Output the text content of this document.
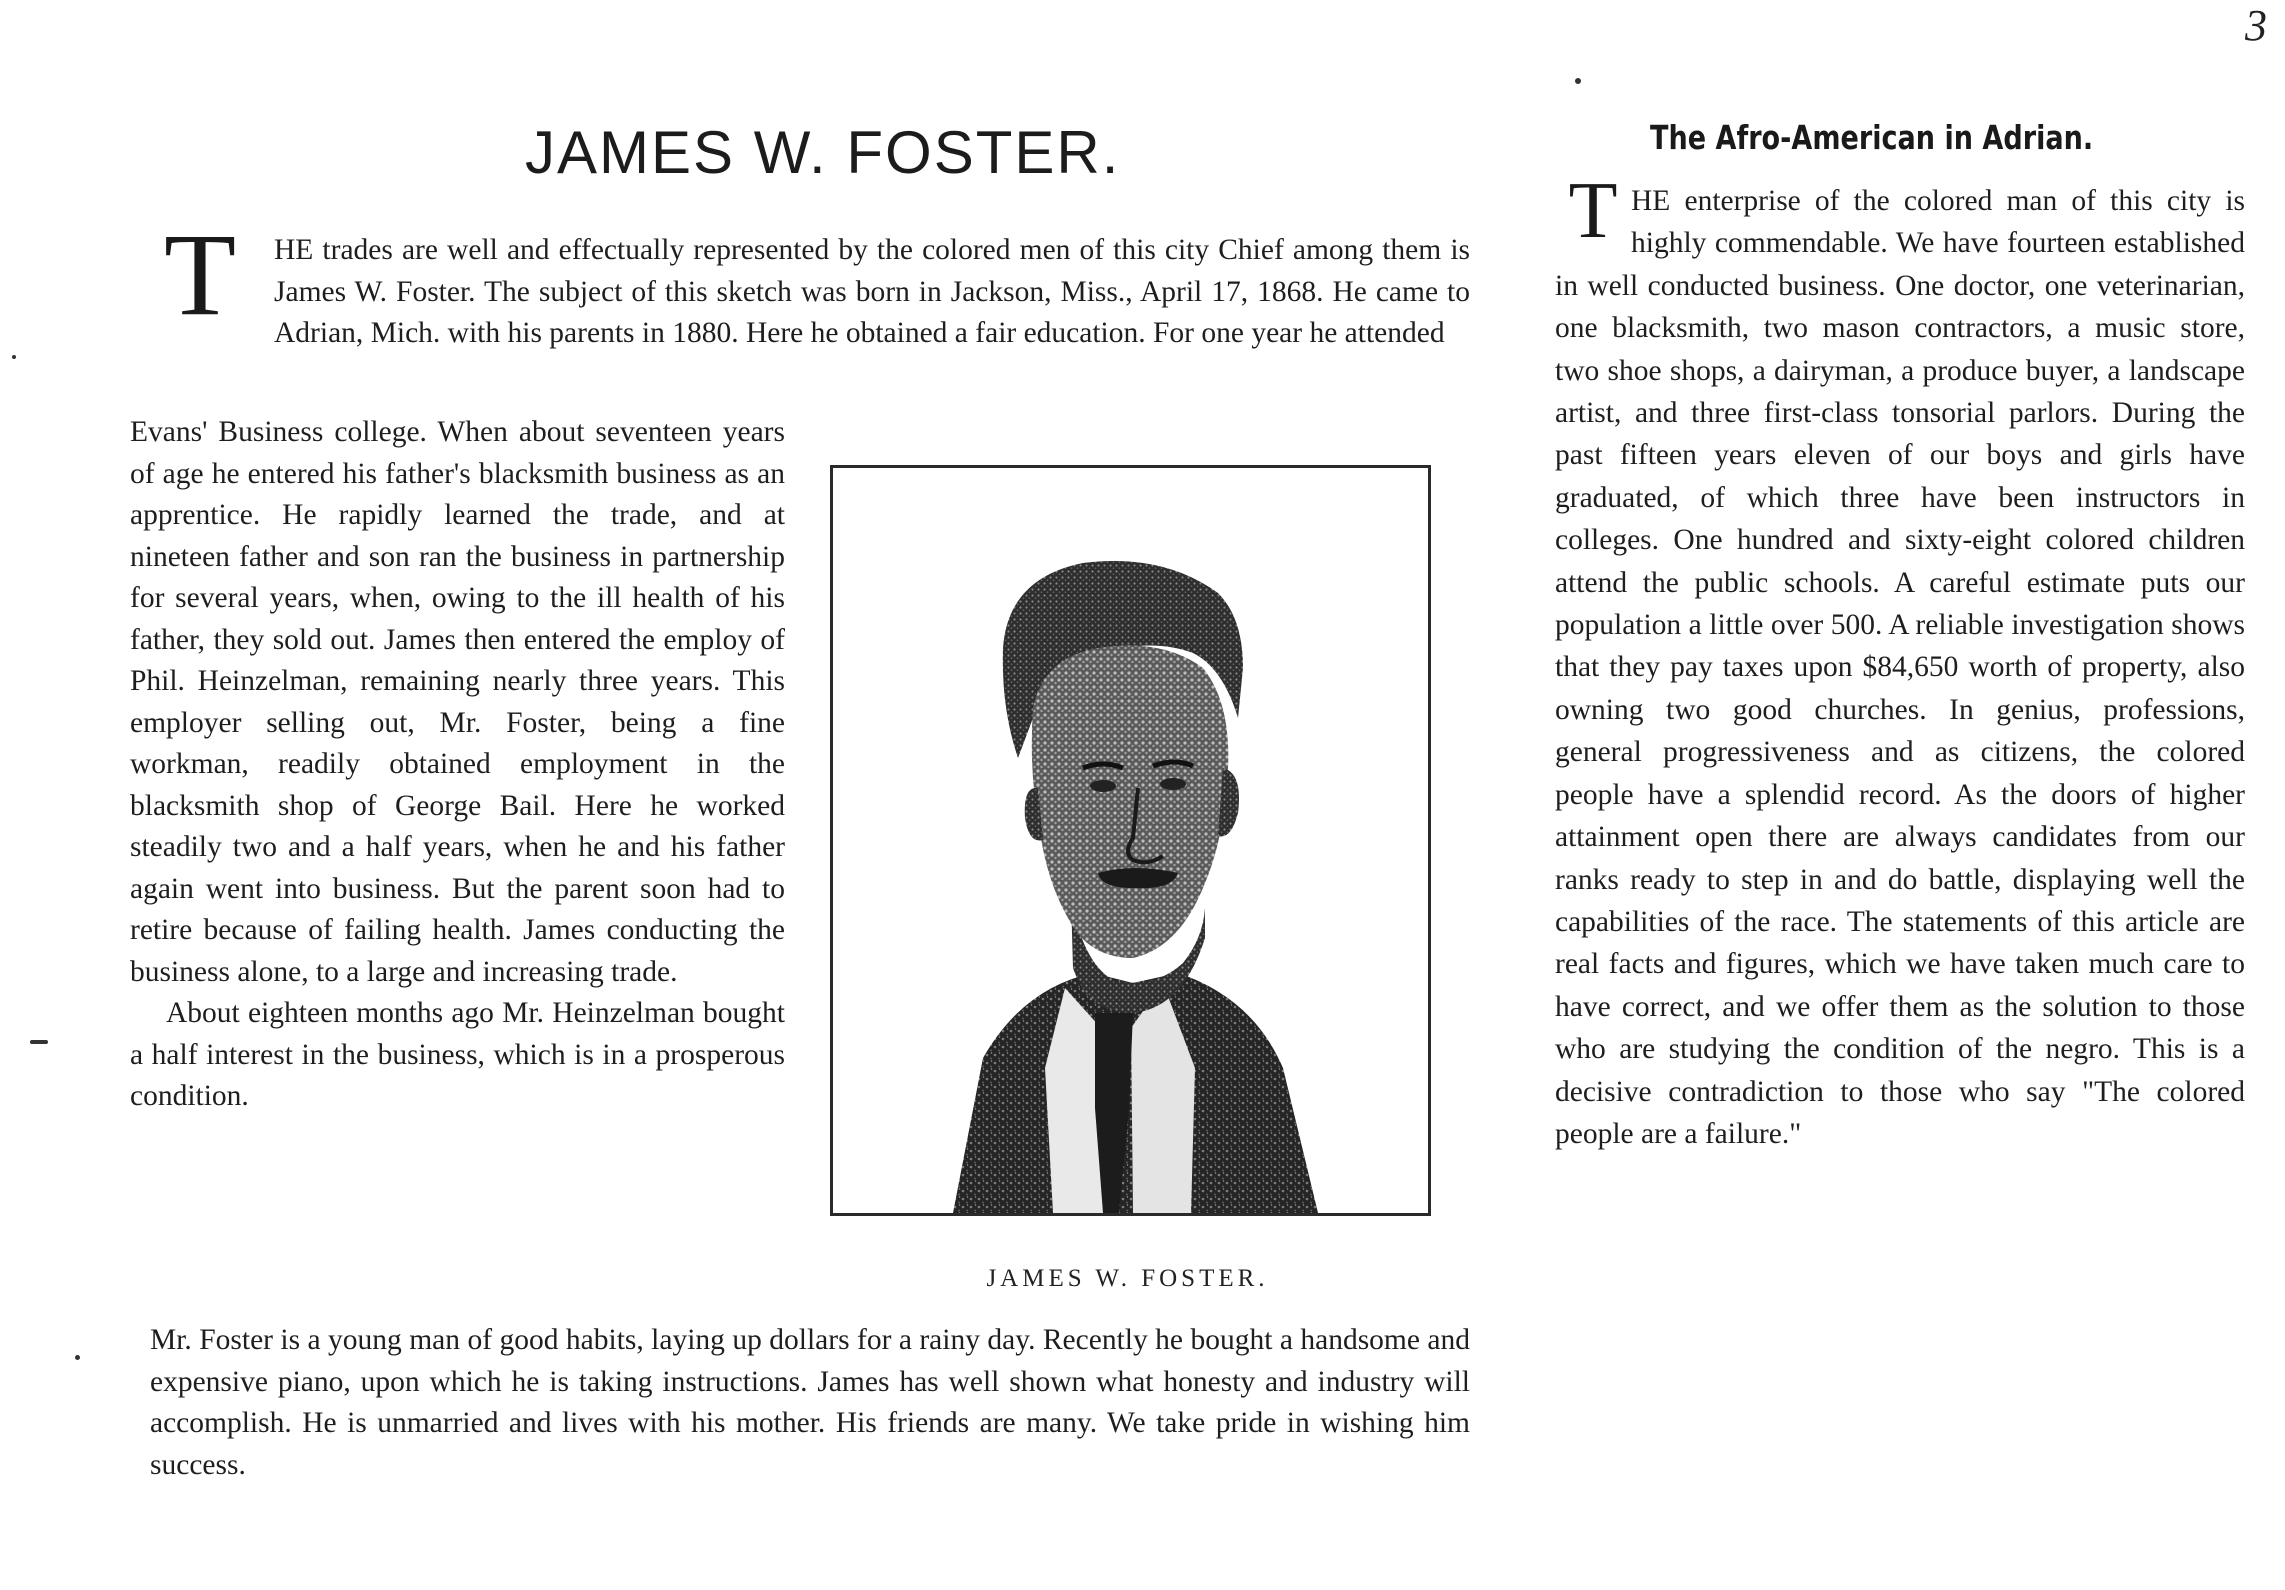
3
JAMES W. FOSTER.
T	HE trades are well and effectually represented by the colored men of this city Chief among them is James W. Foster. The subject of this sketch was born in Jackson, Miss., April 17, 1868. He came to Adrian, Mich. with his parents in 1880. Here he obtained a fair education. For one year he attended

Evans' Business college. When about seventeen years of age he entered his father's blacksmith business as an apprentice. He rapidly learned the trade, and at nineteen father and son ran the business in partnership for several years, when, owing to the ill health of his father, they sold out. James then entered the employ of Phil. Heinzelman, remaining nearly three years. This employer selling out, Mr. Foster, being a fine workman, readily obtained employment in the blacksmith shop of George Bail. Here he worked steadily two and a half years, when he and his father again went into business. But the parent soon had to retire because of failing health. James conducting the business alone, to a large and increasing trade.

About eighteen months ago Mr. Heinzelman bought a half interest in the business, which is in a prosperous condition.

JAMES W. FOSTER.

Mr. Foster is a young man of good habits, laying up dollars for a rainy day. Recently he bought a handsome and expensive piano, upon which he is taking instructions. James has well shown what honesty and industry will accomplish. He is unmarried and lives with his mother. His friends are many. We take pride in wishing him success.

The Afro-American in Adrian.
T HE enterprise of the colored man of this city is highly commendable. We have fourteen established in well conducted business. One doctor, one veterinarian, one blacksmith, two mason contractors, a music store, two shoe shops, a dairyman, a produce buyer, a landscape artist, and three first-class tonsorial parlors. During the past fifteen years eleven of our boys and girls have graduated, of which three have been instructors in colleges. One hundred and sixty-eight colored children attend the public schools. A careful estimate puts our population a little over 500. A reliable investigation shows that they pay taxes upon $84,650 worth of property, also owning two good churches. In genius, professions, general progressiveness and as citizens, the colored people have a splendid record. As the doors of higher attainment open there are always candidates from our ranks ready to step in and do battle, displaying well the capabilities of the race. The statements of this article are real facts and figures, which we have taken much care to have correct, and we offer them as the solution to those who are studying the condition of the negro. This is a decisive contradiction to those who say "The colored people are a failure."
